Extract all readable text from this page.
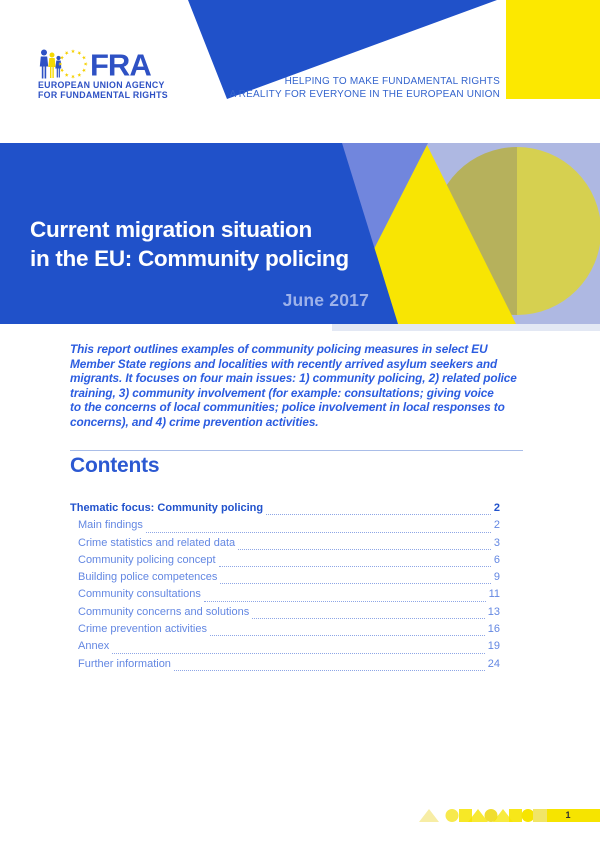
FRA
EUROPEAN UNION AGENCY
FOR FUNDAMENTAL RIGHTS
HELPING TO MAKE FUNDAMENTAL RIGHTS
A REALITY FOR EVERYONE IN THE EUROPEAN UNION
Current migration situation
in the EU: Community policing
June 2017
This report outlines examples of community policing measures in select EU
Member State regions and localities with recently arrived asylum seekers and
migrants. It focuses on four main issues: 1) community policing, 2) related police
training, 3) community involvement (for example: consultations; giving voice
to the concerns of local communities; police involvement in local responses to
concerns), and 4) crime prevention activities.
Contents
Thematic focus: Community policing	2
Main findings	2
Crime statistics and related data	3
Community policing concept	6
Building police competences	9
Community consultations	11
Community concerns and solutions	13
Crime prevention activities	16
Annex	19
Further information	24
1
